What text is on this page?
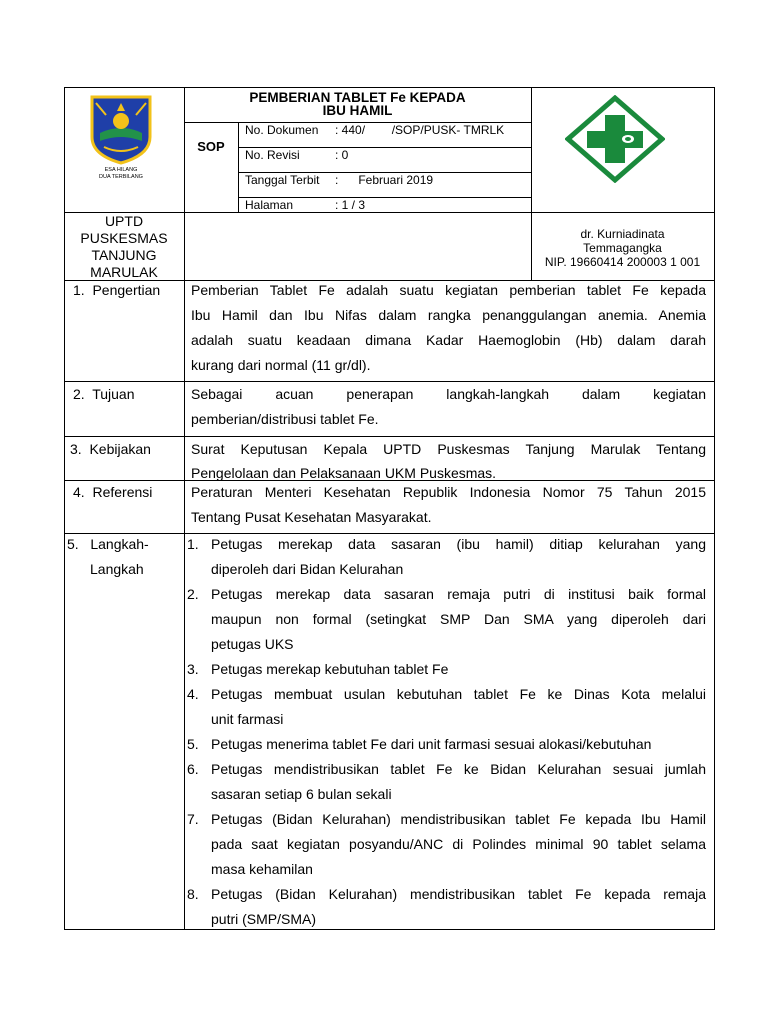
ESA HILANG
DUA TERBILANG
PEMBERIAN TABLET Fe KEPADA
IBU HAMIL
SOP
No. Dokumen : 440/        /SOP/PUSK- TMRLK
No. Revisi	: 0
Tanggal Terbit :      Februari 2019
Halaman	: 1 / 3
UPTD
PUSKESMAS
TANJUNG
MARULAK
dr. Kurniadinata
Temmagangka
NIP. 19660414 200003 1 001
1.  Pengertian Pemberian Tablet Fe adalah suatu kegiatan pemberian tablet Fe kepada
Ibu Hamil dan Ibu Nifas dalam rangka penanggulangan anemia. Anemia
adalah suatu keadaan dimana Kadar Haemoglobin (Hb) dalam darah
kurang dari normal (11 gr/dl).
2.  Tujuan	Sebagai acuan penerapan langkah-langkah dalam kegiatan
pemberian/distribusi tablet Fe.
3.  Kebijakan	Surat Keputusan Kepala UPTD Puskesmas Tanjung Marulak Tentang
Pengelolaan dan Pelaksanaan UKM Puskesmas.
4.  Referensi	Peraturan Menteri Kesehatan Republik Indonesia Nomor 75 Tahun 2015
Tentang Pusat Kesehatan Masyarakat.
5.   Langkah-
Langkah
1. Petugas merekap data sasaran (ibu hamil) ditiap kelurahan yang
diperoleh dari Bidan Kelurahan
2. Petugas merekap data sasaran remaja putri di institusi baik formal
maupun non formal (setingkat SMP Dan SMA yang diperoleh dari
petugas UKS
3. Petugas merekap kebutuhan tablet Fe
4. Petugas membuat usulan kebutuhan tablet Fe ke Dinas Kota melalui
unit farmasi
5. Petugas menerima tablet Fe dari unit farmasi sesuai alokasi/kebutuhan
6. Petugas mendistribusikan tablet Fe ke Bidan Kelurahan sesuai jumlah
sasaran setiap 6 bulan sekali
7. Petugas (Bidan Kelurahan) mendistribusikan tablet Fe kepada Ibu Hamil
pada saat kegiatan posyandu/ANC di Polindes minimal 90 tablet selama
masa kehamilan
8. Petugas (Bidan Kelurahan) mendistribusikan tablet Fe kepada remaja
putri (SMP/SMA)
